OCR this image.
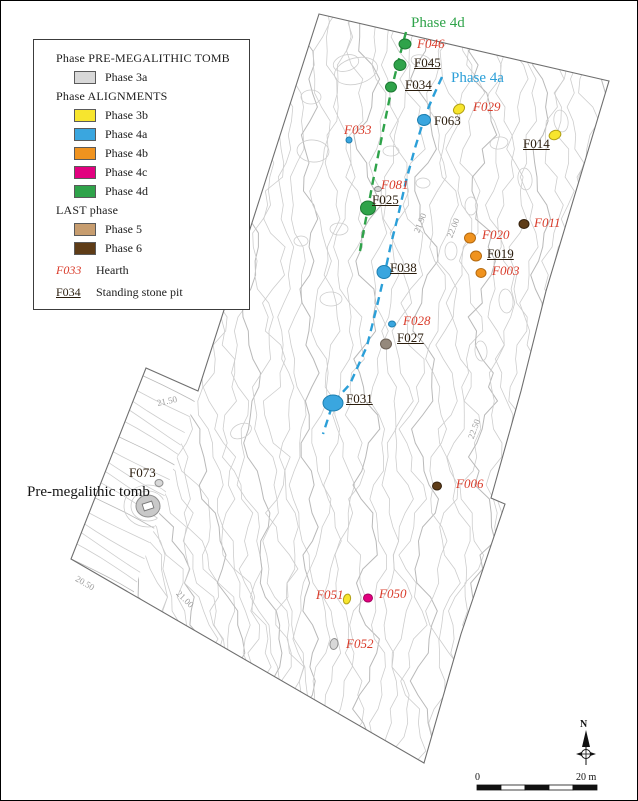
Phase PRE-MEGALITHIC TOMB
Phase 3a
Phase ALIGNMENTS
Phase 3b
Phase 4a
Phase 4b
Phase 4c
Phase 4d
LAST phase
Phase 5
Phase 6
F033	Hearth
F034	Standing stone pit
Phase 4d
Phase 4a
Pre-megalithic tomb
F046
F045
F034
F029
F063
F014
F033
F081
F025
F011
F020
F019
F003
F038
F028
F027
F031
F073
F006
F051	F050
F052
21.90 22.00
22.50
21.50
20.50
21.00
N
0	20 m
